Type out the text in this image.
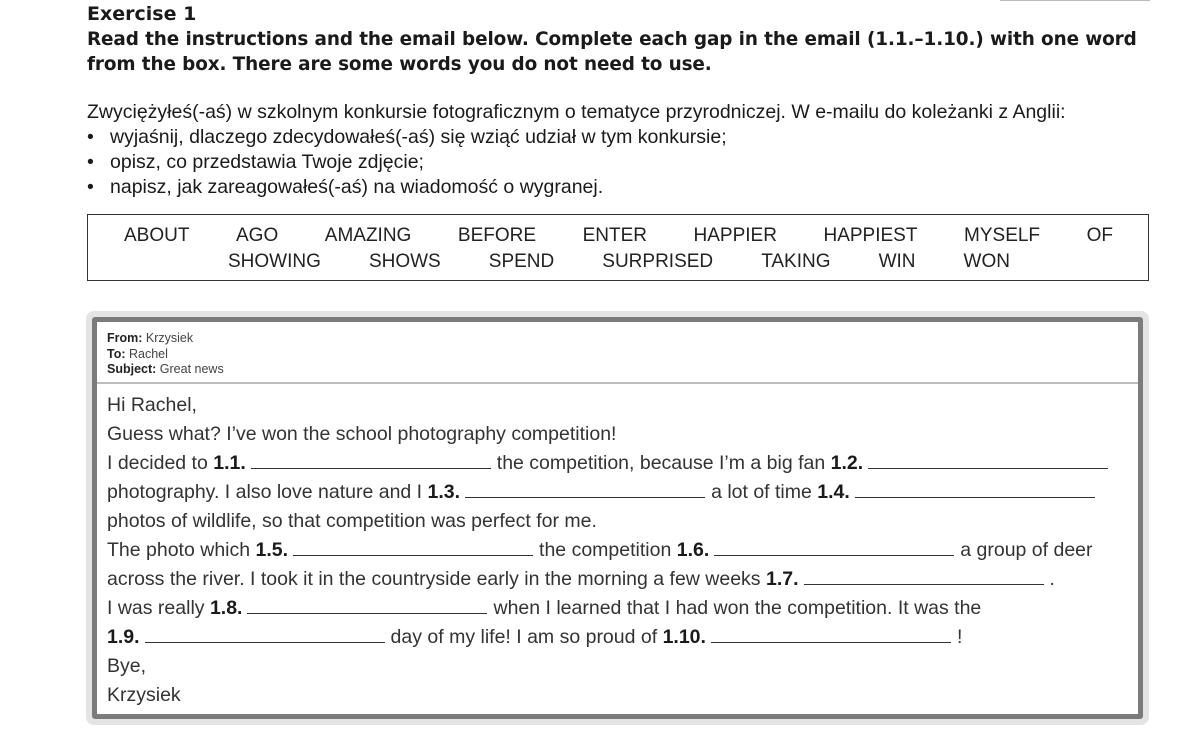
Exercise 1
Read the instructions and the email below. Complete each gap in the email (1.1.–1.10.) with one word from the box. There are some words you do not need to use.
Zwyciężyłeś(-aś) w szkolnym konkursie fotograficznym o tematyce przyrodniczej. W e-mailu do koleżanki z Anglii:
• wyjaśnij, dlaczego zdecydowałeś(-aś) się wziąć udział w tym konkursie;
• opisz, co przedstawia Twoje zdjęcie;
• napisz, jak zareagowałeś(-aś) na wiadomość o wygranej.
ABOUT AGO AMAZING BEFORE ENTER HAPPIER HAPPIEST MYSELF OF
SHOWING	SHOWS	SPEND	SURPRISED	TAKING	WIN	WON
From: Krzysiek
To: Rachel
Subject: Great news
Hi Rachel,
Guess what? I’ve won the school photography competition!
I decided to 1.1.	the competition, because I’m a big fan 1.2.
photography. I also love nature and I 1.3.	a lot of time 1.4.
photos of wildlife, so that competition was perfect for me.
The photo which 1.5.	the competition 1.6.	a group of deer
across the river. I took it in the countryside early in the morning a few weeks 1.7.	.
I was really 1.8.	when I learned that I had won the competition. It was the
1.9.	day of my life! I am so proud of 1.10.	!
Bye,
Krzysiek
